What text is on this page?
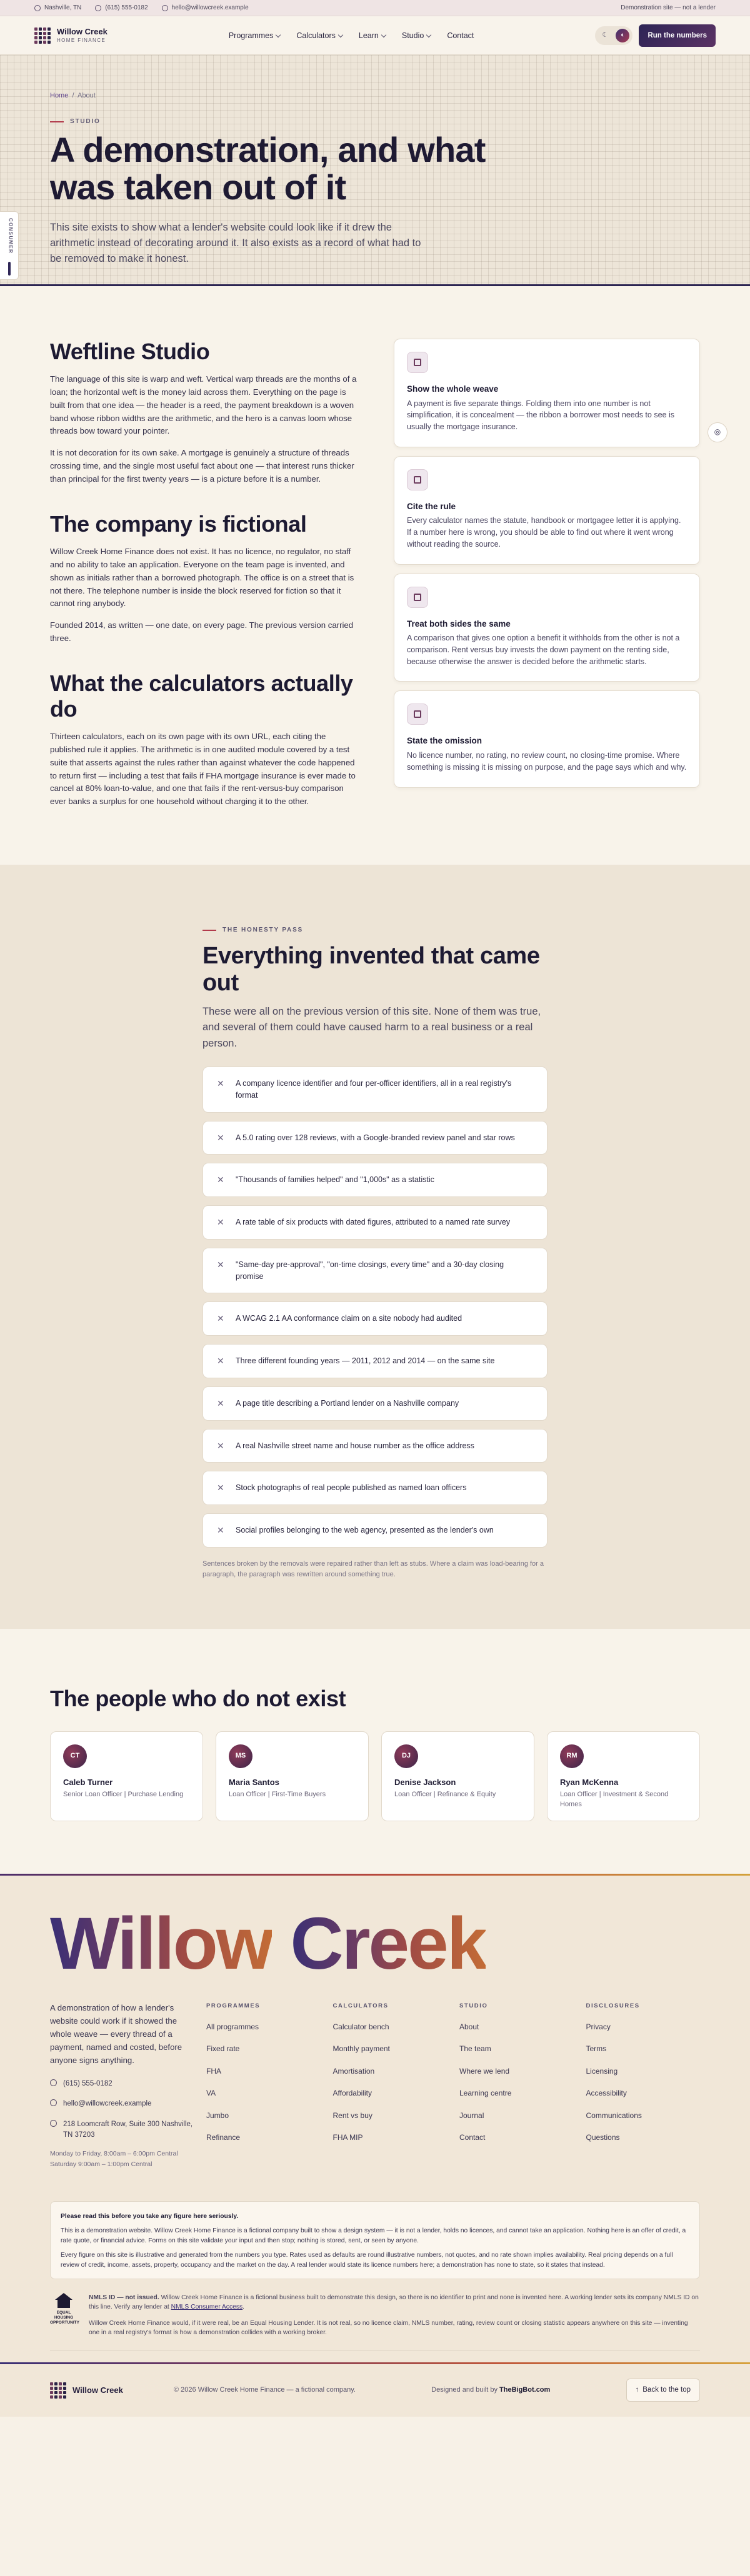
Nashville, TN	(615) 555-0182	hello@willowcreek.example	Demonstration site — not a lender
Willow Creek
HOME FINANCE
Programmes	Calculators	Learn	Studio	Contact	☾	◐	Run the numbers
CONSUMER
Home / About
STUDIO
A demonstration, and what was taken out of it

This site exists to show what a lender's website could look like if it drew the arithmetic instead of decorating around it. It also exists as a record of what had to be removed to make it honest.

◎
Weftline Studio

The language of this site is warp and weft. Vertical warp threads are the months of a loan; the horizontal weft is the money laid across them. Everything on the page is built from that one idea — the header is a reed, the payment breakdown is a woven band whose ribbon widths are the arithmetic, and the hero is a canvas loom whose threads bow toward your pointer.

It is not decoration for its own sake. A mortgage is genuinely a structure of threads crossing time, and the single most useful fact about one — that interest runs thicker than principal for the first twenty years — is a picture before it is a number.

The company is fictional

Willow Creek Home Finance does not exist. It has no licence, no regulator, no staff and no ability to take an application. Everyone on the team page is invented, and shown as initials rather than a borrowed photograph. The office is on a street that is not there. The telephone number is inside the block reserved for fiction so that it cannot ring anybody.

Founded 2014, as written — one date, on every page. The previous version carried three.

What the calculators actually do

Thirteen calculators, each on its own page with its own URL, each citing the published rule it applies. The arithmetic is in one audited module covered by a test suite that asserts against the rules rather than against whatever the code happened to return first — including a test that fails if FHA mortgage insurance is ever made to cancel at 80% loan-to-value, and one that fails if the rent-versus-buy comparison ever banks a surplus for one household without charging it to the other.

Show the whole weave

A payment is five separate things. Folding them into one number is not simplification, it is concealment — the ribbon a borrower most needs to see is usually the mortgage insurance.

Cite the rule

Every calculator names the statute, handbook or mortgagee letter it is applying. If a number here is wrong, you should be able to find out where it went wrong without reading the source.

Treat both sides the same

A comparison that gives one option a benefit it withholds from the other is not a comparison. Rent versus buy invests the down payment on the renting side, because otherwise the answer is decided before the arithmetic starts.

State the omission

No licence number, no rating, no review count, no closing-time promise. Where something is missing it is missing on purpose, and the page says which and why.

THE HONESTY PASS
Everything invented that came out

These were all on the previous version of this site. None of them was true, and several of them could have caused harm to a real business or a real person.

✕ A company licence identifier and four per-officer identifiers, all in a real registry's format
✕ A 5.0 rating over 128 reviews, with a Google-branded review panel and star rows
✕ "Thousands of families helped" and "1,000s" as a statistic
✕ A rate table of six products with dated figures, attributed to a named rate survey
✕ "Same-day pre-approval", "on-time closings, every time" and a 30-day closing promise
✕ A WCAG 2.1 AA conformance claim on a site nobody had audited
✕ Three different founding years — 2011, 2012 and 2014 — on the same site
✕ A page title describing a Portland lender on a Nashville company
✕ A real Nashville street name and house number as the office address
✕ Stock photographs of real people published as named loan officers
✕ Social profiles belonging to the web agency, presented as the lender's own

Sentences broken by the removals were repaired rather than left as stubs. Where a claim was load-bearing for a paragraph, the paragraph was rewritten around something true.

The people who do not exist
CT
Caleb Turner
Senior Loan Officer | Purchase Lending
MS
Maria Santos
Loan Officer | First-Time Buyers
DJ
Denise Jackson
Loan Officer | Refinance & Equity
RM
Ryan McKenna
Loan Officer | Investment & Second Homes
Willow Creek

A demonstration of how a lender's website could work if it showed the whole weave — every thread of a payment, named and costed, before anyone signs anything.

(615) 555-0182
hello@willowcreek.example
218 Loomcraft Row, Suite 300 Nashville, TN 37203
Monday to Friday, 8:00am – 6:00pm Central
Saturday 9:00am – 1:00pm Central
PROGRAMMES
All programmes
Fixed rate
FHA
VA
Jumbo
Refinance
CALCULATORS
Calculator bench
Monthly payment
Amortisation
Affordability
Rent vs buy
FHA MIP
STUDIO
About
The team
Where we lend
Learning centre
Journal
Contact
DISCLOSURES
Privacy
Terms
Licensing
Accessibility
Communications
Questions
Please read this before you take any figure here seriously.

This is a demonstration website. Willow Creek Home Finance is a fictional company built to show a design system — it is not a lender, holds no licences, and cannot take an application. Nothing here is an offer of credit, a rate quote, or financial advice. Forms on this site validate your input and then stop; nothing is stored, sent, or seen by anyone.

Every figure on this site is illustrative and generated from the numbers you type. Rates used as defaults are round illustrative numbers, not quotes, and no rate shown implies availability. Real pricing depends on a full review of credit, income, assets, property, occupancy and the market on the day. A real lender would state its licence numbers here; a demonstration has none to state, so it states that instead.

EQUAL HOUSING OPPORTUNITY

NMLS ID — not issued. Willow Creek Home Finance is a fictional business built to demonstrate this design, so there is no identifier to print and none is invented here. A working lender sets its company NMLS ID on this line. Verify any lender at NMLS Consumer Access.

Willow Creek Home Finance would, if it were real, be an Equal Housing Lender. It is not real, so no licence claim, NMLS number, rating, review count or closing statistic appears anywhere on this site — inventing one in a real registry's format is how a demonstration collides with a working broker.

Willow Creek	© 2026 Willow Creek Home Finance — a fictional company.	Designed and built by TheBigBot.com	↑ Back to the top
